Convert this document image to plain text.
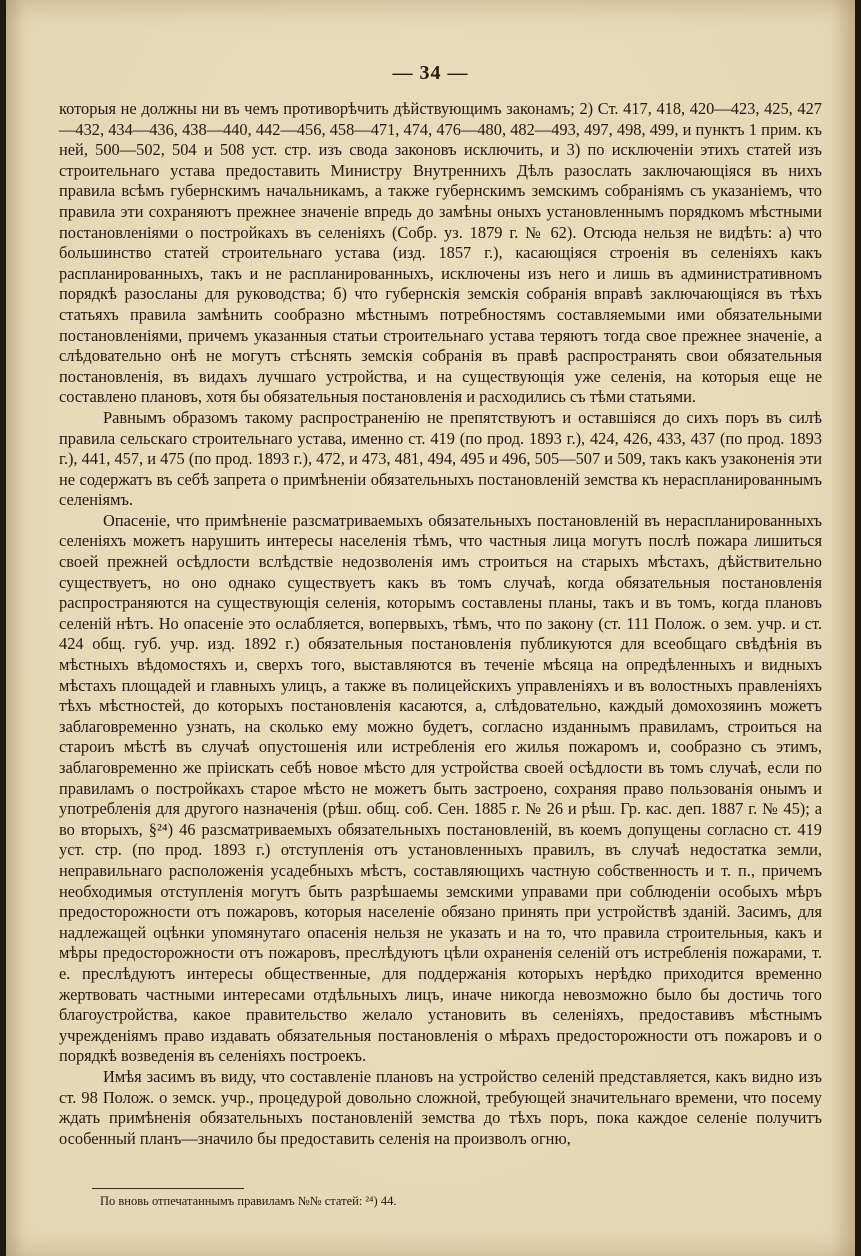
— 34 —

которыя не должны ни въ чемъ противорѣчить дѣйствующимъ законамъ; 2) Ст. 417, 418, 420—423, 425, 427—432, 434—436, 438—440, 442—456, 458—471, 474, 476—480, 482—493, 497, 498, 499, и пунктъ 1 прим. къ ней, 500—502, 504 и 508 уст. стр. изъ свода законовъ исключить, и 3) по исключеніи этихъ статей изъ строительнаго устава предоставить Министру Внутреннихъ Дѣлъ разослать заключающіяся въ нихъ правила всѣмъ губернскимъ начальникамъ, а также губернскимъ земскимъ собраніямъ съ указаніемъ, что правила эти сохраняютъ прежнее значеніе впредь до замѣны оныхъ установленнымъ порядкомъ мѣстными постановленіями о постройкахъ въ селеніяхъ (Собр. уз. 1879 г. № 62). Отсюда нельзя не видѣть: а) что большинство статей строительнаго устава (изд. 1857 г.), касающіяся строенія въ селеніяхъ какъ распланированныхъ, такъ и не распланированныхъ, исключены изъ него и лишь въ административномъ порядкѣ разосланы для руководства; б) что губернскія земскія собранія вправѣ заключающіяся въ тѣхъ статьяхъ правила замѣнить сообразно мѣстнымъ потребностямъ составляемыми ими обязательными постановленіями, причемъ указанныя статьи строительнаго устава теряютъ тогда свое прежнее значеніе, а слѣдовательно онѣ не могутъ стѣснять земскія собранія въ правѣ распространять свои обязательныя постановленія, въ видахъ лучшаго устройства, и на существующія уже селенія, на которыя еще не составлено плановъ, хотя бы обязательныя постановленія и расходились съ тѣми статьями.

Равнымъ образомъ такому распространенію не препятствуютъ и оставшіяся до сихъ поръ въ силѣ правила сельскаго строительнаго устава, именно ст. 419 (по прод. 1893 г.), 424, 426, 433, 437 (по прод. 1893 г.), 441, 457, и 475 (по прод. 1893 г.), 472, и 473, 481, 494, 495 и 496, 505—507 и 509, такъ какъ узаконенія эти не содержатъ въ себѣ запрета о примѣненіи обязательныхъ постановленій земства къ нераспланированнымъ селеніямъ.

Опасеніе, что примѣненіе разсматриваемыхъ обязательныхъ постановленій въ нераспланированныхъ селеніяхъ можетъ нарушить интересы населенія тѣмъ, что частныя лица могутъ послѣ пожара лишиться своей прежней осѣдлости вслѣдствіе недозволенія имъ строиться на старыхъ мѣстахъ, дѣйствительно существуетъ, но оно однако существуетъ какъ въ томъ случаѣ, когда обязательныя постановленія распространяются на существующія селенія, которымъ составлены планы, такъ и въ томъ, когда плановъ селеній нѣтъ. Но опасеніе это ослабляется, вопервыхъ, тѣмъ, что по закону (ст. 111 Полож. о зем. учр. и ст. 424 общ. губ. учр. изд. 1892 г.) обязательныя постановленія публикуются для всеобщаго свѣдѣнія въ мѣстныхъ вѣдомостяхъ и, сверхъ того, выставляются въ теченіе мѣсяца на опредѣленныхъ и видныхъ мѣстахъ площадей и главныхъ улицъ, а также въ полицейскихъ управленіяхъ и въ волостныхъ правленіяхъ тѣхъ мѣстностей, до которыхъ постановленія касаются, а, слѣдовательно, каждый домохозяинъ можетъ заблаговременно узнать, на сколько ему можно будетъ, согласно изданнымъ правиламъ, строиться на староиъ мѣстѣ въ случаѣ опустошенія или истребленія его жилья пожаромъ и, сообразно съ этимъ, заблаговременно же пріискать себѣ новое мѣсто для устройства своей осѣдлости въ томъ случаѣ, если по правиламъ о постройкахъ старое мѣсто не можетъ быть застроено, сохраняя право пользованія онымъ и употребленія для другого назначенія (рѣш. общ. соб. Сен. 1885 г. № 26 и рѣш. Гр. кас. деп. 1887 г. № 45); а во вторыхъ, §²⁴) 46 разсматриваемыхъ обязательныхъ постановленій, въ коемъ допущены согласно ст. 419 уст. стр. (по прод. 1893 г.) отступленія отъ установленныхъ правилъ, въ случаѣ недостатка земли, неправильнаго расположенія усадебныхъ мѣстъ, составляющихъ частную собственность и т. п., причемъ необходимыя отступленія могутъ быть разрѣшаемы земскими управами при соблюденіи особыхъ мѣръ предосторожности отъ пожаровъ, которыя населеніе обязано принять при устройствѣ зданій. Засимъ, для надлежащей оцѣнки упомянутаго опасенія нельзя не указать и на то, что правила строительныя, какъ и мѣры предосторожности отъ пожаровъ, преслѣдуютъ цѣли охраненія селеній отъ истребленія пожарами, т. е. преслѣдуютъ интересы общественные, для поддержанія которыхъ нерѣдко приходится временно жертвовать частными интересами отдѣльныхъ лицъ, иначе никогда невозможно было бы достичь того благоустройства, какое правительство желало установить въ селеніяхъ, предоставивъ мѣстнымъ учрежденіямъ право издавать обязательныя постановленія о мѣрахъ предосторожности отъ пожаровъ и о порядкѣ возведенія въ селеніяхъ построекъ.

Имѣя засимъ въ виду, что составленіе плановъ на устройство селеній представляется, какъ видно изъ ст. 98 Полож. о земск. учр., процедурой довольно сложной, требующей значительнаго времени, что посему ждать примѣненія обязательныхъ постановленій земства до тѣхъ поръ, пока каждое селеніе получитъ особенный планъ—значило бы предоставить селенія на произволъ огню,

По вновь отпечатаннымъ правиламъ №№ статей: ²⁴) 44.
